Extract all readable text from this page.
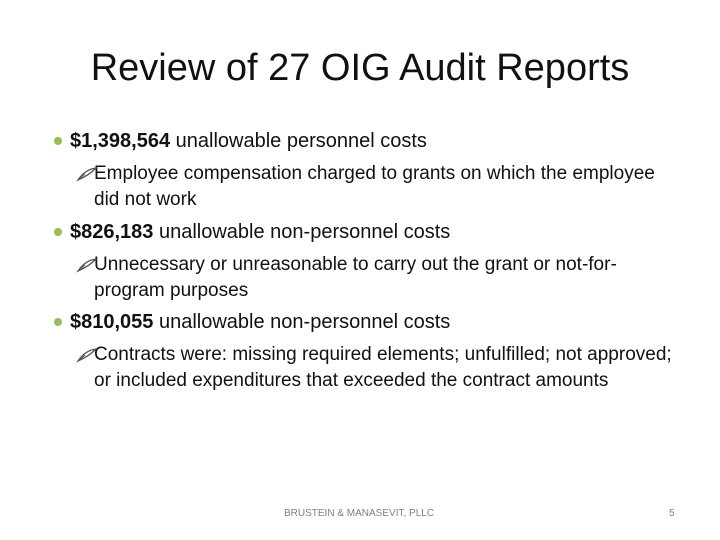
Review of 27 OIG Audit Reports
$1,398,564 unallowable personnel costs
Employee compensation charged to grants on which the employee did not work
$826,183 unallowable non-personnel costs
Unnecessary or unreasonable to carry out the grant or not-for-program purposes
$810,055 unallowable non-personnel costs
Contracts were: missing required elements; unfulfilled; not approved; or included expenditures that exceeded the contract amounts
BRUSTEIN & MANASEVIT, PLLC	5
